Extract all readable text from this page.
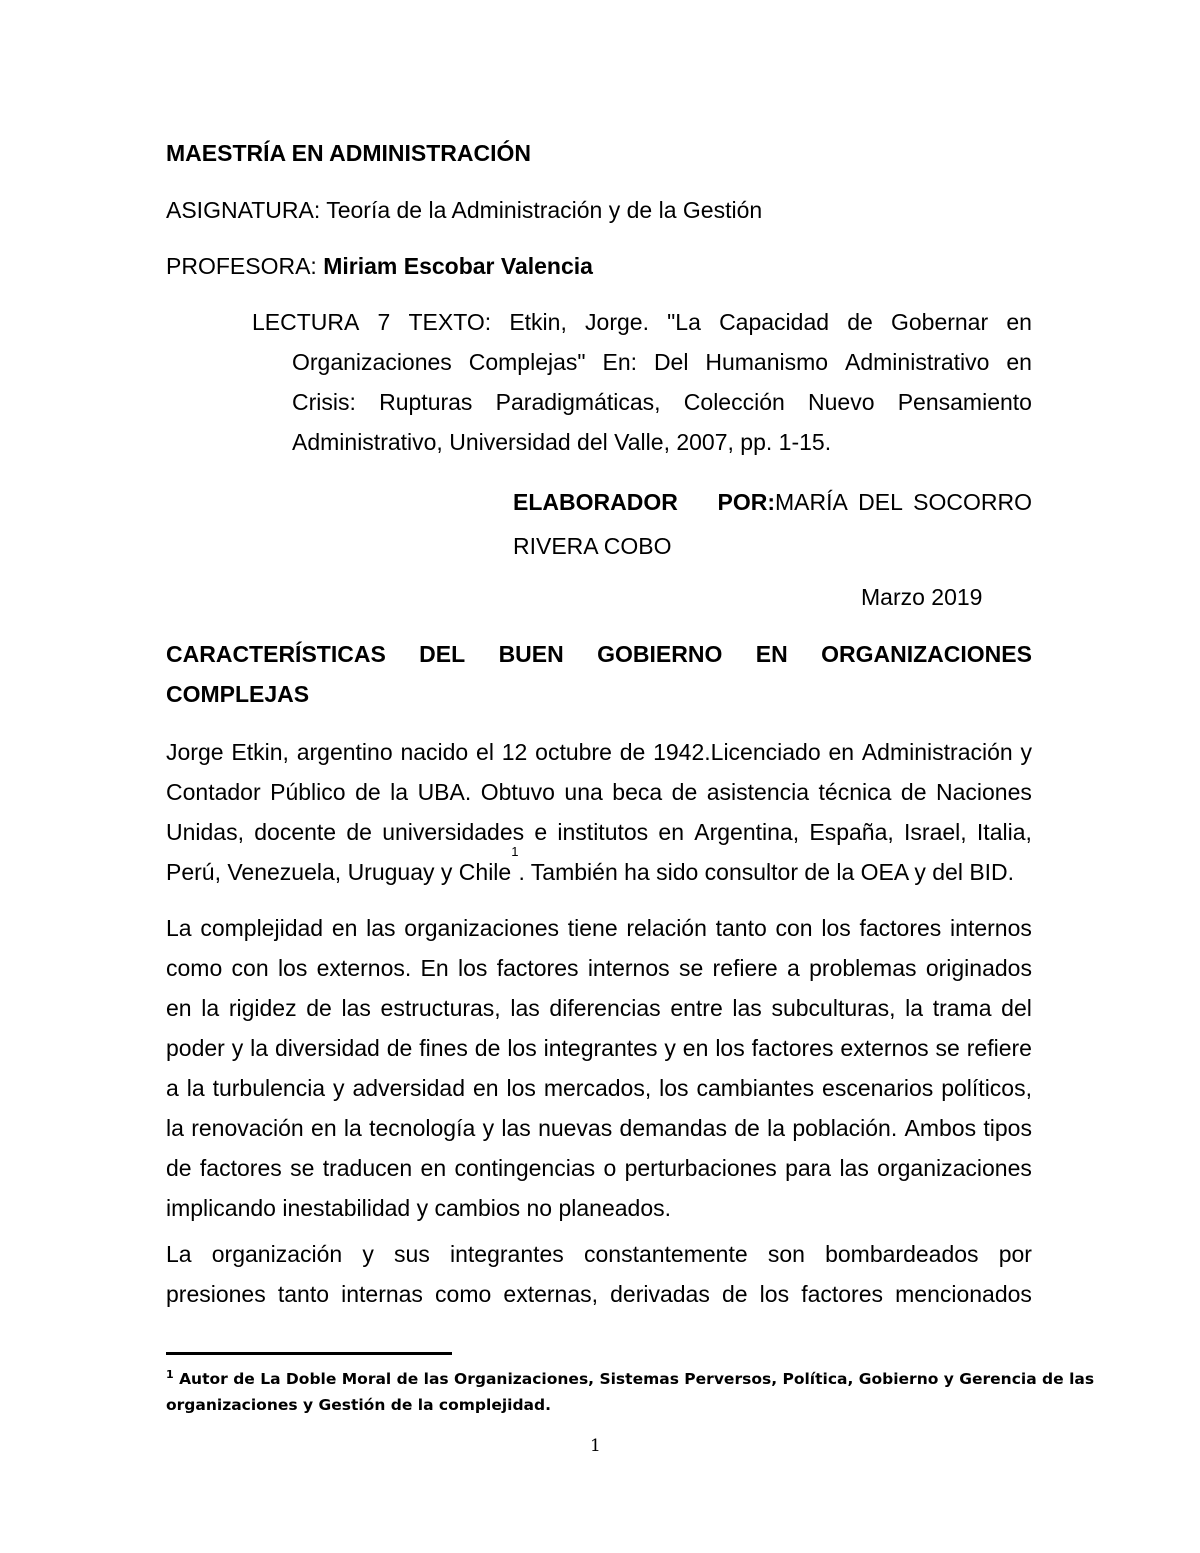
MAESTRÍA EN ADMINISTRACIÓN
ASIGNATURA: Teoría de la Administración y de la Gestión
PROFESORA: Miriam Escobar Valencia
LECTURA 7 TEXTO: Etkin, Jorge. "La Capacidad de Gobernar en
Organizaciones Complejas" En: Del Humanismo Administrativo en
Crisis: Rupturas Paradigmáticas, Colección Nuevo Pensamiento
Administrativo, Universidad del Valle, 2007, pp. 1-15.
ELABORADOR POR: MARÍA DEL SOCORRO
RIVERA COBO
Marzo 2019
CARACTERÍSTICAS DEL BUEN GOBIERNO EN ORGANIZACIONES
COMPLEJAS
Jorge Etkin, argentino nacido el 12 octubre de 1942.Licenciado en Administración y
Contador Público de la UBA. Obtuvo una beca de asistencia técnica de Naciones
Unidas, docente de universidades e institutos en Argentina, España, Israel, Italia,
Perú, Venezuela, Uruguay y Chile
1
. También ha sido consultor de la OEA y del BID.
La complejidad en las organizaciones tiene relación tanto con los factores internos
como con los externos. En los factores internos se refiere a problemas originados
en la rigidez de las estructuras, las diferencias entre las subculturas, la trama del
poder y la diversidad de fines de los integrantes y en los factores externos se refiere
a la turbulencia y adversidad en los mercados, los cambiantes escenarios políticos,
la renovación en la tecnología y las nuevas demandas de la población. Ambos tipos
de factores se traducen en contingencias o perturbaciones para las organizaciones
implicando inestabilidad y cambios no planeados.
La organización y sus integrantes constantemente son bombardeados por
presiones tanto internas como externas, derivadas de los factores mencionados
$^1$ Autor de La Doble Moral de las Organizaciones, Sistemas Perversos, Política, Gobierno y Gerencia de las
organizaciones y Gestión de la complejidad.
1
